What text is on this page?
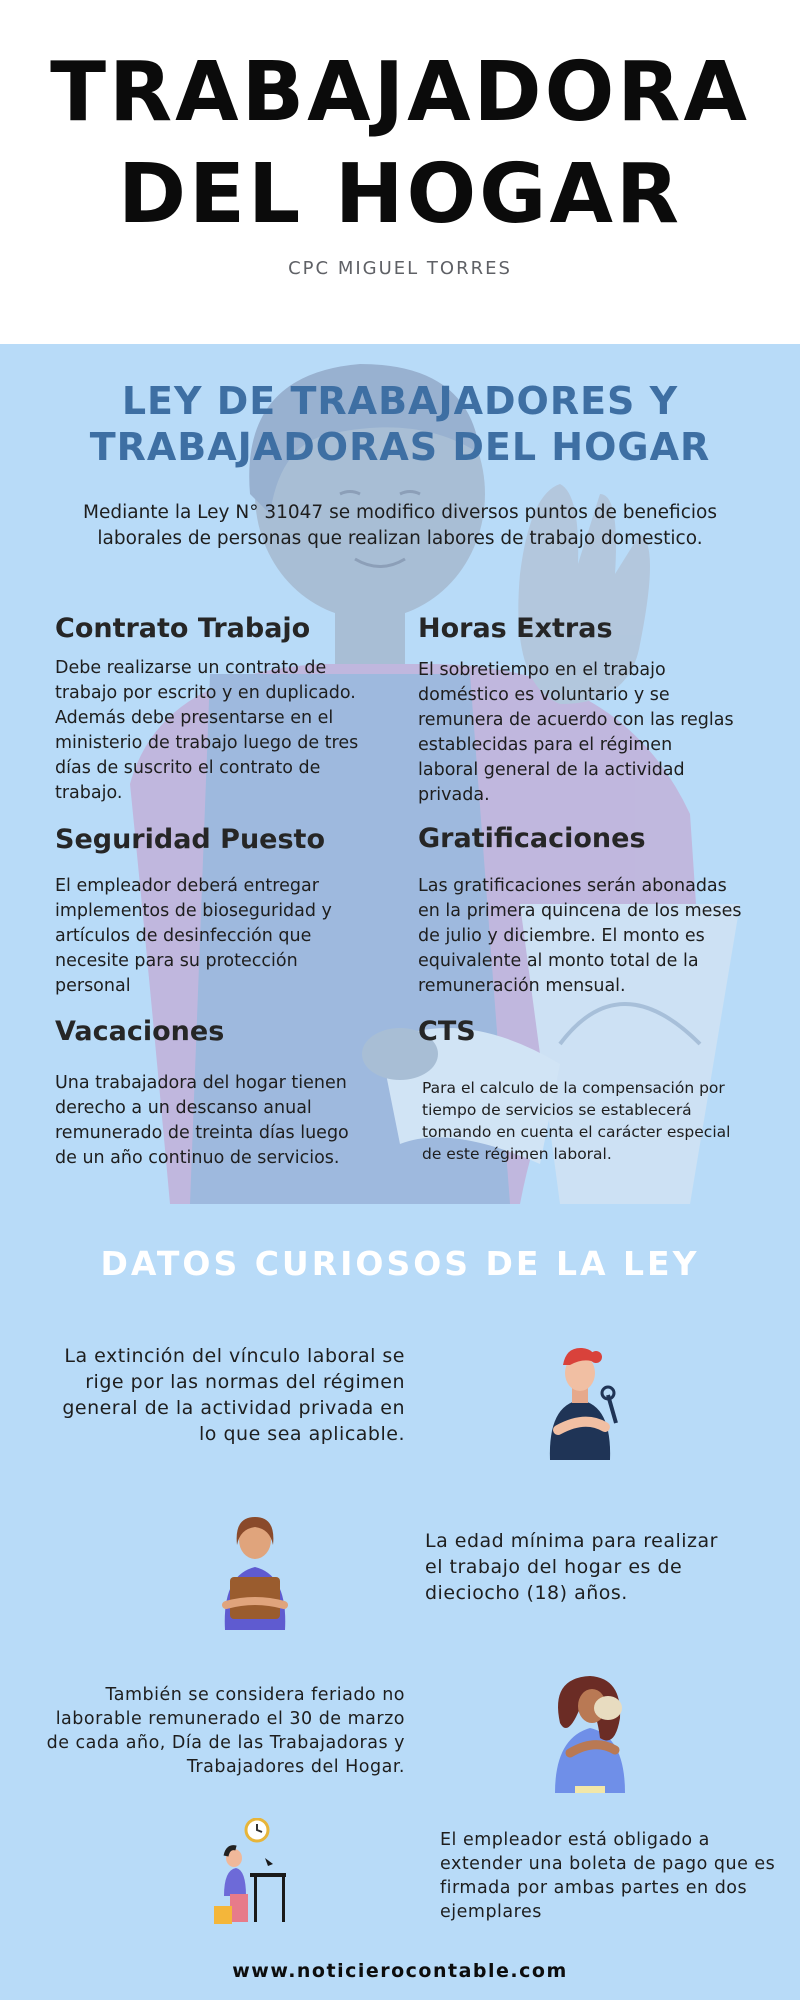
TRABAJADORA
DEL HOGAR
CPC MIGUEL TORRES
LEY DE TRABAJADORES Y
TRABAJADORAS DEL HOGAR

Mediante la Ley N° 31047 se modifico diversos puntos de beneficios laborales de personas que realizan labores de trabajo domestico.

Contrato Trabajo

Debe realizarse un contrato de trabajo por escrito y en duplicado. Además debe presentarse en el ministerio de trabajo luego de tres días de suscrito el contrato de trabajo.

Horas Extras

El sobretiempo en el trabajo doméstico es voluntario y se remunera de acuerdo con las reglas establecidas para el régimen laboral general de la actividad privada.

Seguridad Puesto

El empleador deberá entregar implementos de bioseguridad y artículos de desinfección que necesite para su protección personal

Gratificaciones

Las gratificaciones serán abonadas en la primera quincena de los meses de julio y diciembre. El monto es equivalente al monto total de la remuneración mensual.

Vacaciones

Una trabajadora del hogar tienen derecho a un descanso anual remunerado de treinta días luego de un año continuo de servicios.

CTS

Para el calculo de la compensación por tiempo de servicios se establecerá tomando en cuenta el carácter especial de este régimen laboral.

DATOS CURIOSOS DE LA LEY

La extinción del vínculo laboral se rige por las normas del régimen general de la actividad privada en lo que sea aplicable.

La edad mínima para realizar el trabajo del hogar es de dieciocho (18) años.

También se considera feriado no laborable remunerado el 30 de marzo de cada año, Día de las Trabajadoras y Trabajadores del Hogar.

El empleador está obligado a extender una boleta de pago que es firmada por ambas partes en dos ejemplares

www.noticierocontable.com
